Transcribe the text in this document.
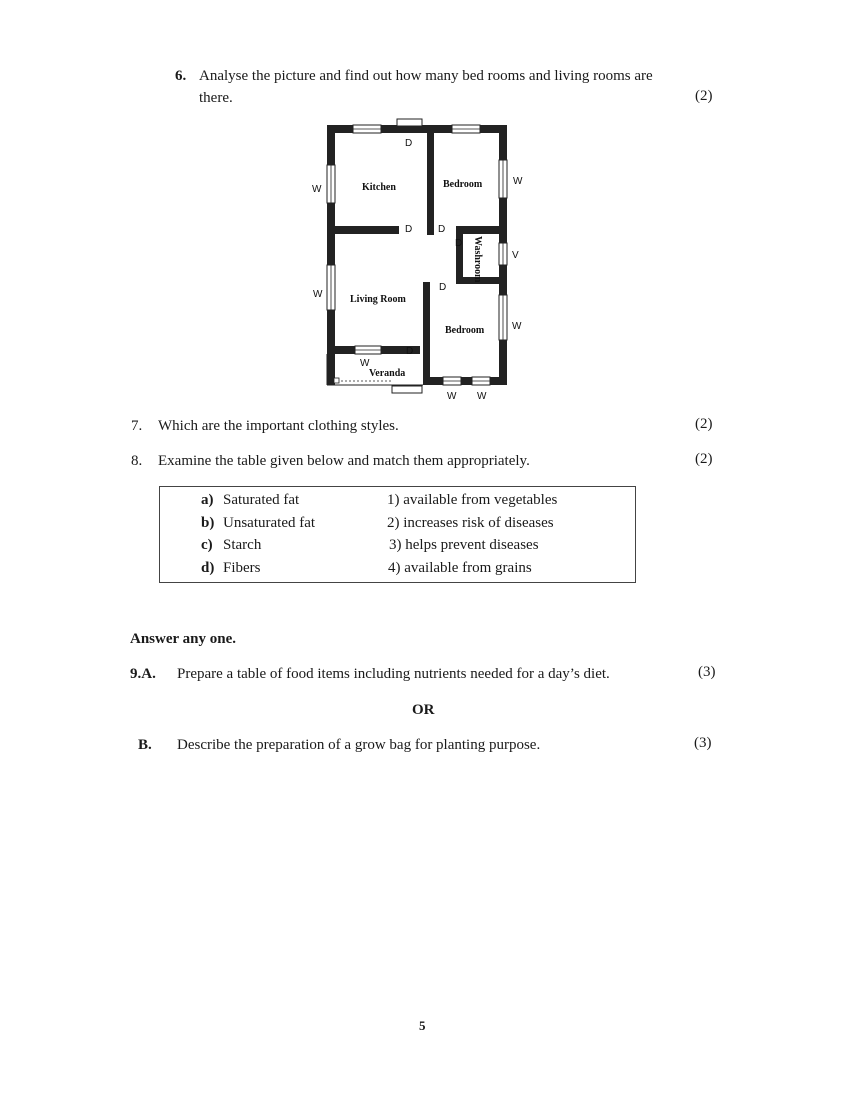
6. Analyse the picture and find out how many bed rooms and living rooms are
there.	(2)
Kitchen	Bedroom
Washroom
Living Room
Bedroom
Veranda
D
D	D
D
D
D
W
W
W
W
W
W W
V
7. Which are the important clothing styles.	(2)
8. Examine the table given below and match them appropriately.	(2)
a) Saturated fat	1) available from vegetables
b) Unsaturated fat	2) increases risk of diseases
c) Starch	3) helps prevent diseases
d) Fibers	4) available from grains
Answer any one.
9.A. Prepare a table of food items including nutrients needed for a day’s diet.	(3)
OR
B. Describe the preparation of a grow bag for planting purpose.	(3)
5
